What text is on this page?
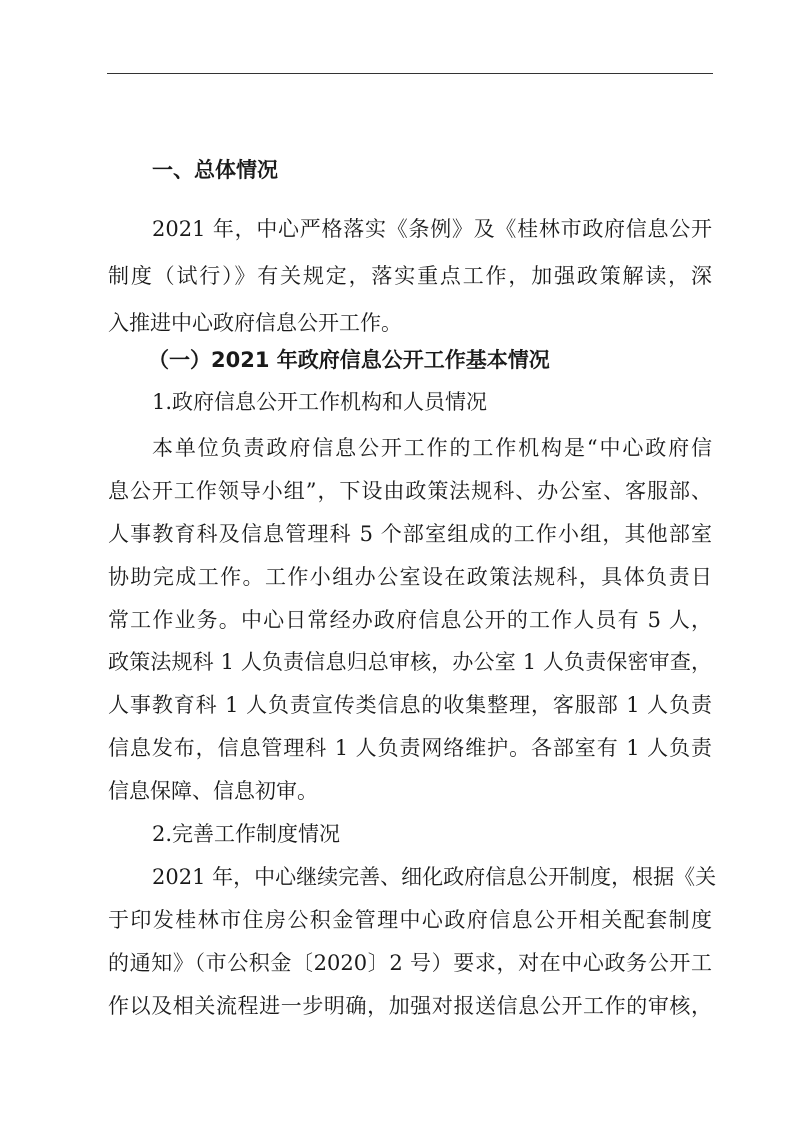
一、总体情况
2021 年，中心严格落实《条例》及《桂林市政府信息公开
制度（试行）》有关规定，落实重点工作，加强政策解读，深
入推进中心政府信息公开工作。
（一）2021 年政府信息公开工作基本情况
1.政府信息公开工作机构和人员情况
本单位负责政府信息公开工作的工作机构是“中心政府信
息公开工作领导小组”，下设由政策法规科、办公室、客服部、
人事教育科及信息管理科 5 个部室组成的工作小组，其他部室
协助完成工作。工作小组办公室设在政策法规科，具体负责日
常工作业务。中心日常经办政府信息公开的工作人员有 5 人，
政策法规科 1 人负责信息归总审核，办公室 1 人负责保密审查，
人事教育科 1 人负责宣传类信息的收集整理，客服部 1 人负责
信息发布，信息管理科 1 人负责网络维护。各部室有 1 人负责
信息保障、信息初审。
2.完善工作制度情况
2021 年，中心继续完善、细化政府信息公开制度，根据《关
于印发桂林市住房公积金管理中心政府信息公开相关配套制度
的通知》（市公积金〔2020〕2 号）要求，对在中心政务公开工
作以及相关流程进一步明确，加强对报送信息公开工作的审核，
